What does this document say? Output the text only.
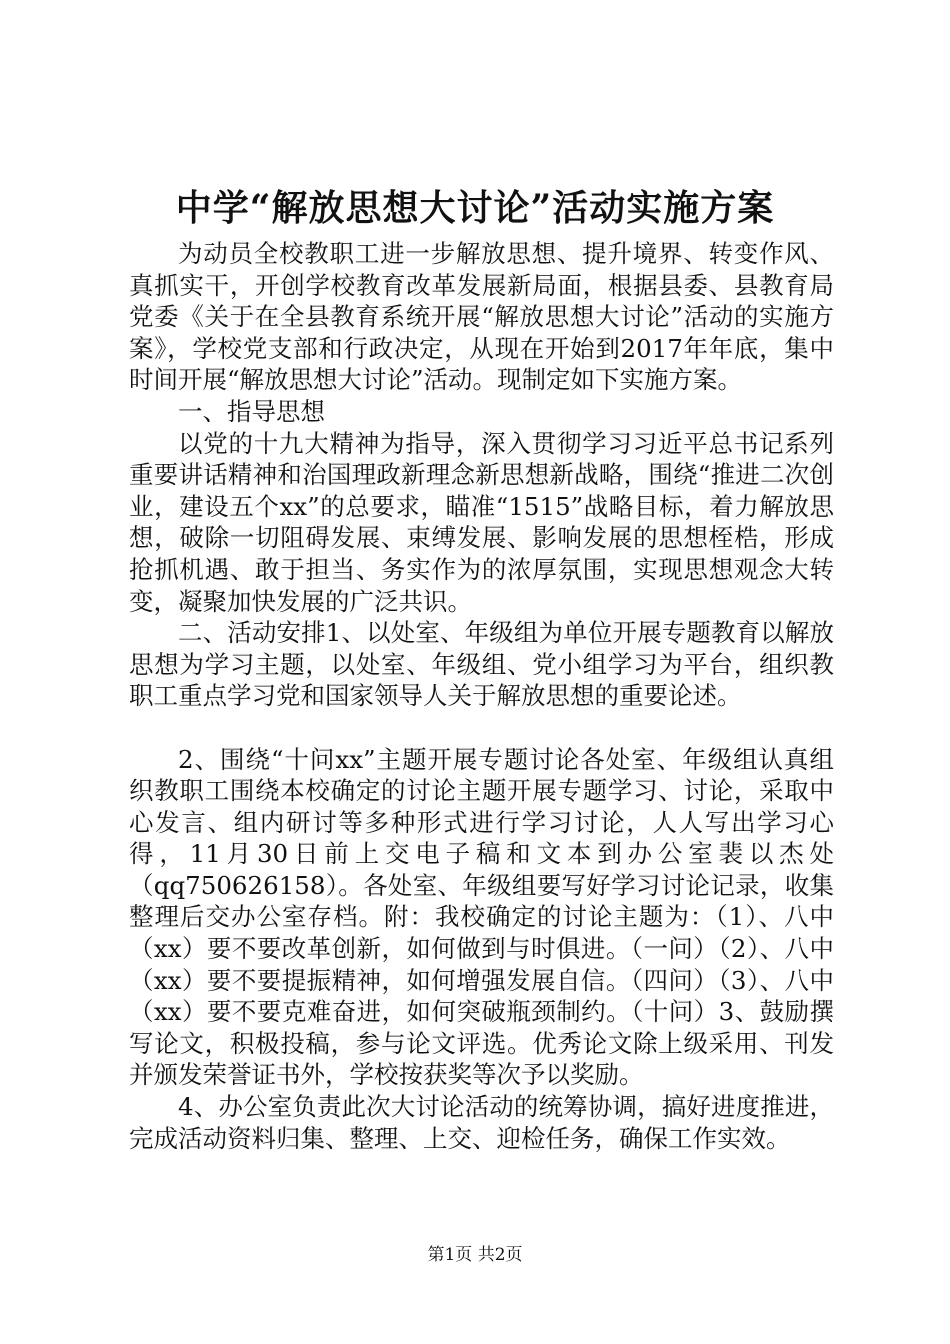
中学“解放思想大讨论”活动实施方案

为动员全校教职工进一步解放思想、提升境界、转变作风、真抓实干，开创学校教育改革发展新局面，根据县委、县教育局党委《关于在全县教育系统开展“解放思想大讨论”活动的实施方案》，学校党支部和行政决定，从现在开始到2017年年底，集中时间开展“解放思想大讨论”活动。现制定如下实施方案。

一、指导思想

以党的十九大精神为指导，深入贯彻学习习近平总书记系列重要讲话精神和治国理政新理念新思想新战略，围绕“推进二次创业，建设五个xx”的总要求，瞄准“1515”战略目标，着力解放思想，破除一切阻碍发展、束缚发展、影响发展的思想桎梏，形成抢抓机遇、敢于担当、务实作为的浓厚氛围，实现思想观念大转变，凝聚加快发展的广泛共识。

二、活动安排1、以处室、年级组为单位开展专题教育以解放思想为学习主题，以处室、年级组、党小组学习为平台，组织教职工重点学习党和国家领导人关于解放思想的重要论述。

2、围绕“十问xx”主题开展专题讨论各处室、年级组认真组织教职工围绕本校确定的讨论主题开展专题学习、讨论，采取中心发言、组内研讨等多种形式进行学习讨论，人人写出学习心得，11月30日前上交电子稿和文本到办公室裴以杰处（qq750626158）。各处室、年级组要写好学习讨论记录，收集整理后交办公室存档。附：我校确定的讨论主题为：（1）、八中（xx）要不要改革创新，如何做到与时俱进。（一问）（2）、八中（xx）要不要提振精神，如何增强发展自信。（四问）（3）、八中（xx）要不要克难奋进，如何突破瓶颈制约。（十问）3、鼓励撰写论文，积极投稿，参与论文评选。优秀论文除上级采用、刊发并颁发荣誉证书外，学校按获奖等次予以奖励。

4、办公室负责此次大讨论活动的统筹协调，搞好进度推进，完成活动资料归集、整理、上交、迎检任务，确保工作实效。

第1页 共2页
